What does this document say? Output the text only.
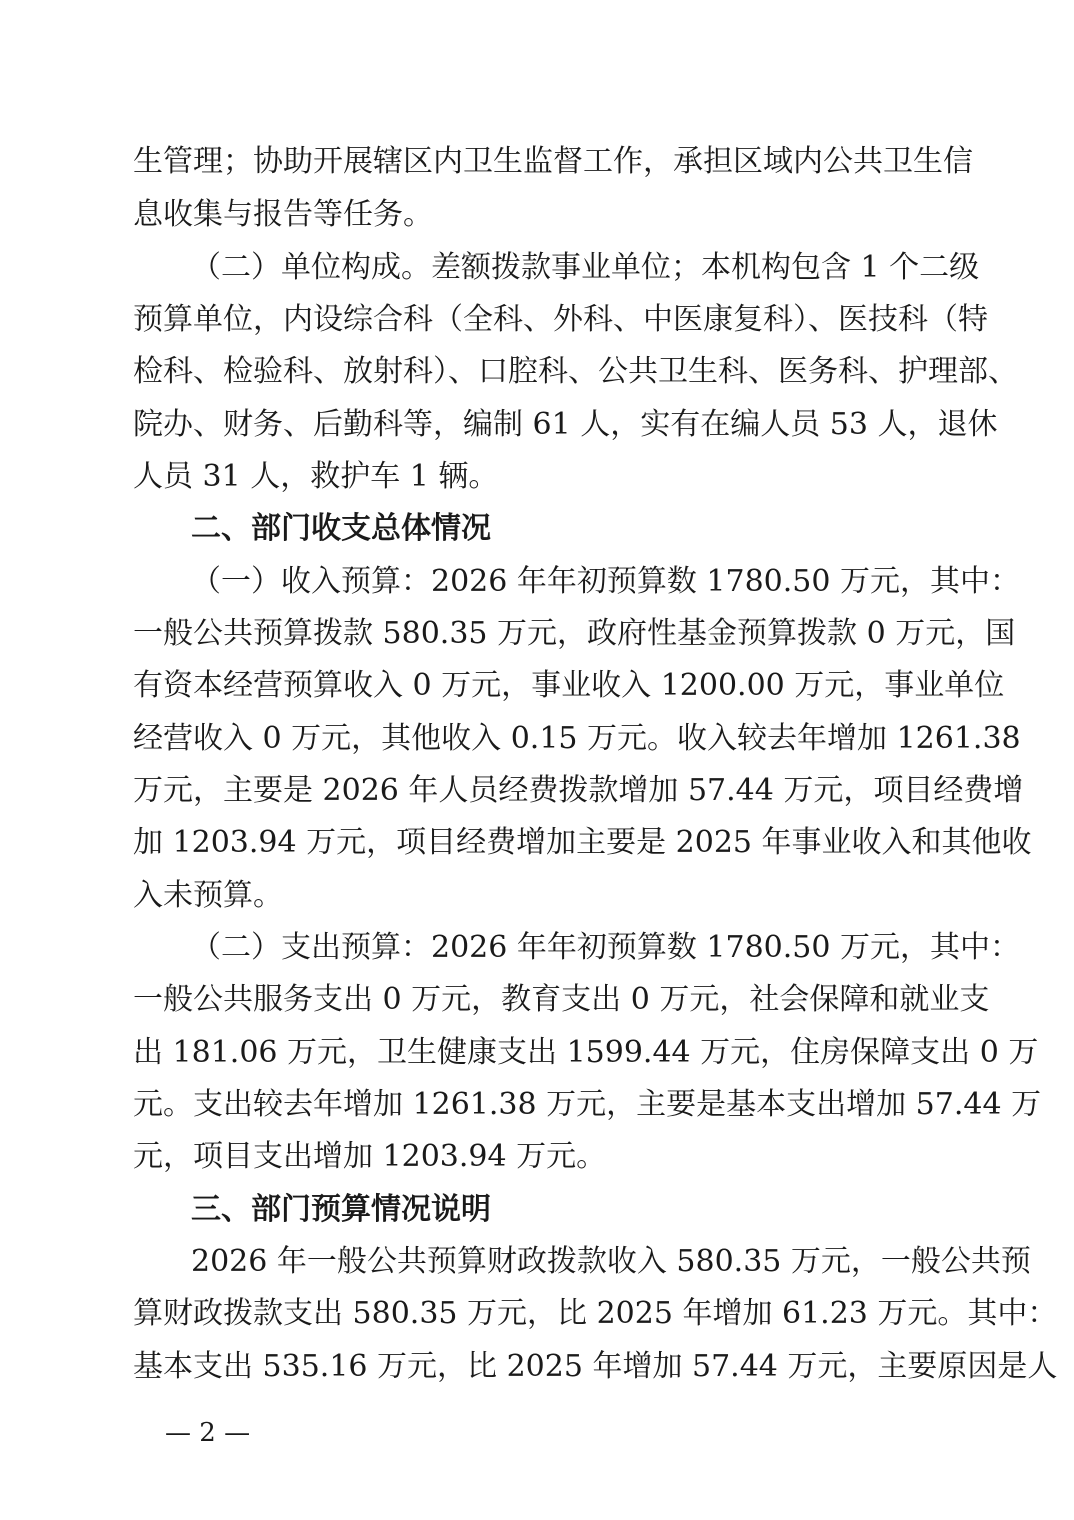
生管理；协助开展辖区内卫生监督工作，承担区域内公共卫生信
息收集与报告等任务。
（二）单位构成。差额拨款事业单位；本机构包含 1 个二级
预算单位，内设综合科（全科、外科、中医康复科）、医技科（特
检科、检验科、放射科）、口腔科、公共卫生科、医务科、护理部、
院办、财务、后勤科等，编制 61 人，实有在编人员 53 人，退休
人员 31 人，救护车 1 辆。
二、部门收支总体情况
（一）收入预算：2026 年年初预算数 1780.50 万元，其中：
一般公共预算拨款 580.35 万元，政府性基金预算拨款 0 万元，国
有资本经营预算收入 0 万元，事业收入 1200.00 万元，事业单位
经营收入 0 万元，其他收入 0.15 万元。收入较去年增加 1261.38
万元，主要是 2026 年人员经费拨款增加 57.44 万元，项目经费增
加 1203.94 万元，项目经费增加主要是 2025 年事业收入和其他收
入未预算。
（二）支出预算：2026 年年初预算数 1780.50 万元，其中：
一般公共服务支出 0 万元，教育支出 0 万元，社会保障和就业支
出 181.06 万元，卫生健康支出 1599.44 万元，住房保障支出 0 万
元。支出较去年增加 1261.38 万元，主要是基本支出增加 57.44 万
元，项目支出增加 1203.94 万元。
三、部门预算情况说明
2026 年一般公共预算财政拨款收入 580.35 万元，一般公共预
算财政拨款支出 580.35 万元，比 2025 年增加 61.23 万元。其中：
基本支出 535.16 万元，比 2025 年增加 57.44 万元，主要原因是人
— 2 —
